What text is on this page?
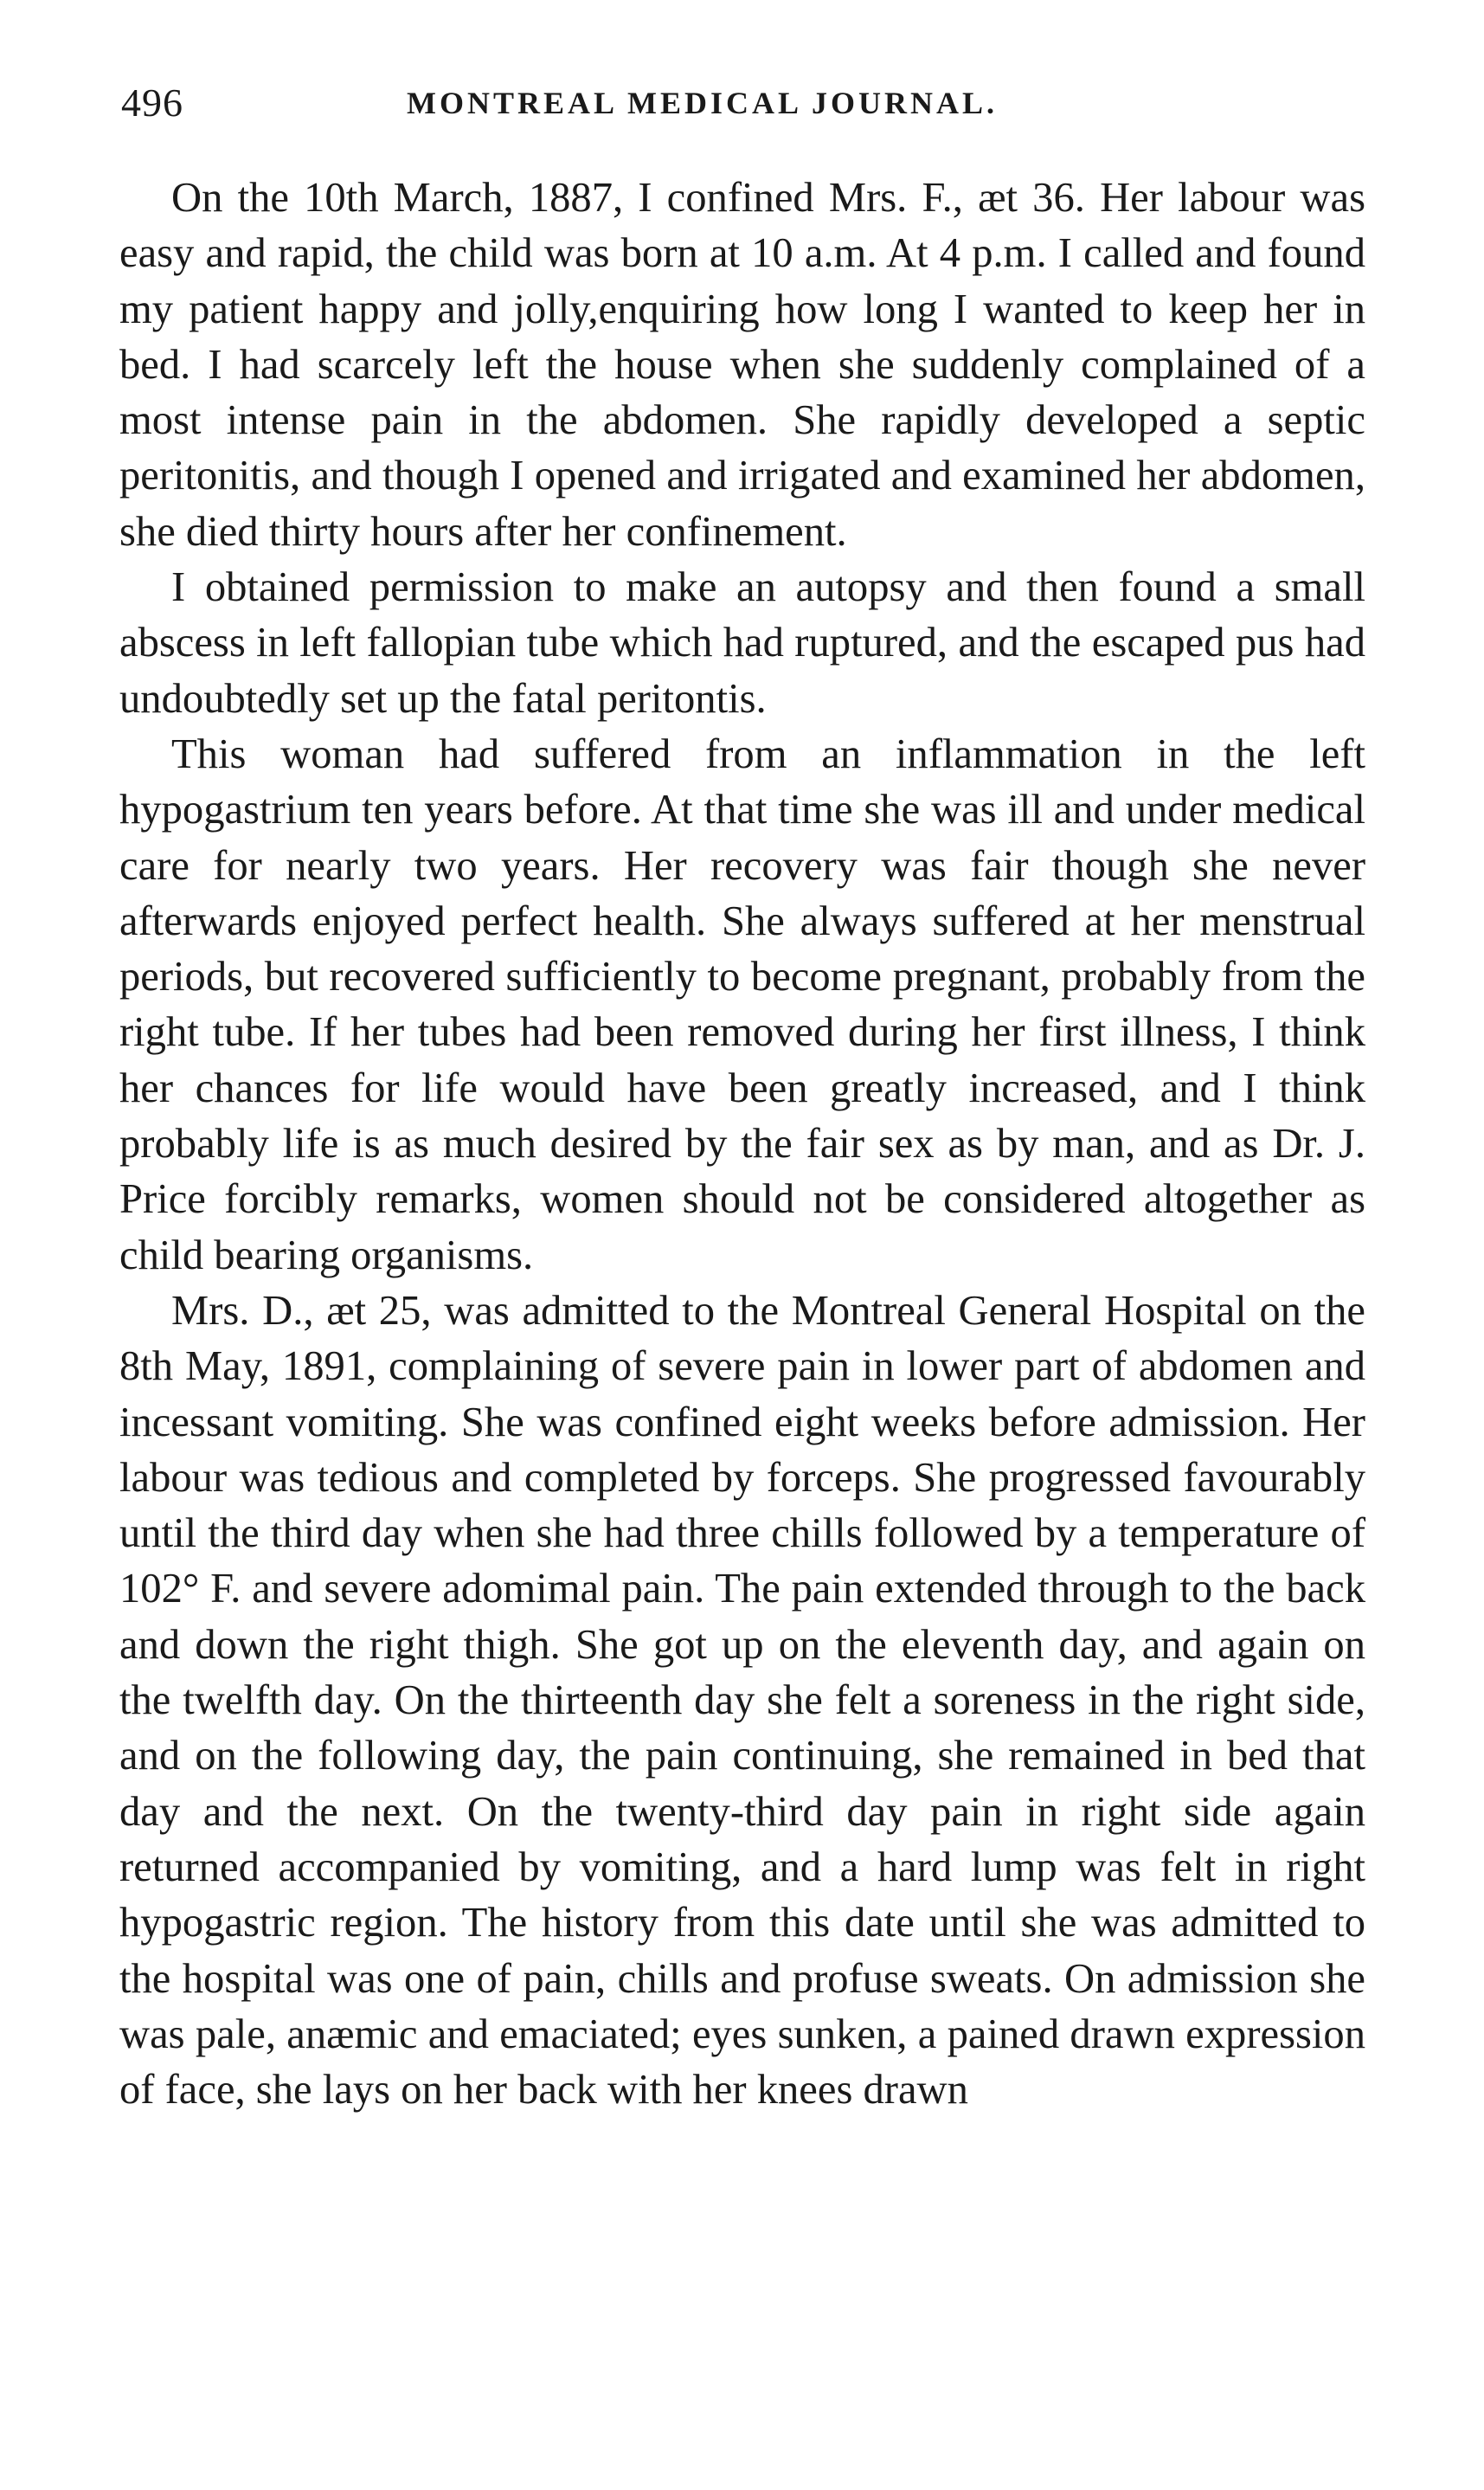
496	MONTREAL MEDICAL JOURNAL.

On the 10th March, 1887, I confined Mrs. F., æt 36. Her labour was easy and rapid, the child was born at 10 a.m. At 4 p.m. I called and found my patient happy and jolly,enquiring how long I wanted to keep her in bed. I had scarcely left the house when she suddenly complained of a most intense pain in the abdomen. She rapidly developed a septic peritonitis, and though I opened and irrigated and examined her abdomen, she died thirty hours after her confinement.

I obtained permission to make an autopsy and then found a small abscess in left fallopian tube which had ruptured, and the escaped pus had undoubtedly set up the fatal peritontis.

This woman had suffered from an inflammation in the left hypogastrium ten years before. At that time she was ill and under medical care for nearly two years. Her recovery was fair though she never afterwards enjoyed perfect health. She always suffered at her menstrual periods, but recovered sufficiently to become pregnant, probably from the right tube. If her tubes had been removed during her first illness, I think her chances for life would have been greatly increased, and I think probably life is as much desired by the fair sex as by man, and as Dr. J. Price forcibly remarks, women should not be considered altogether as child bearing organisms.

Mrs. D., æt 25, was admitted to the Montreal General Hospital on the 8th May, 1891, complaining of severe pain in lower part of abdomen and incessant vomiting. She was confined eight weeks before admission. Her labour was tedious and completed by forceps. She progressed favourably until the third day when she had three chills followed by a temperature of 102° F. and severe adomimal pain. The pain extended through to the back and down the right thigh. She got up on the eleventh day, and again on the twelfth day. On the thirteenth day she felt a soreness in the right side, and on the following day, the pain continuing, she remained in bed that day and the next. On the twenty-third day pain in right side again returned accompanied by vomiting, and a hard lump was felt in right hypogastric region. The history from this date until she was admitted to the hospital was one of pain, chills and profuse sweats. On admission she was pale, anæmic and emaciated; eyes sunken, a pained drawn expression of face, she lays on her back with her knees drawn
